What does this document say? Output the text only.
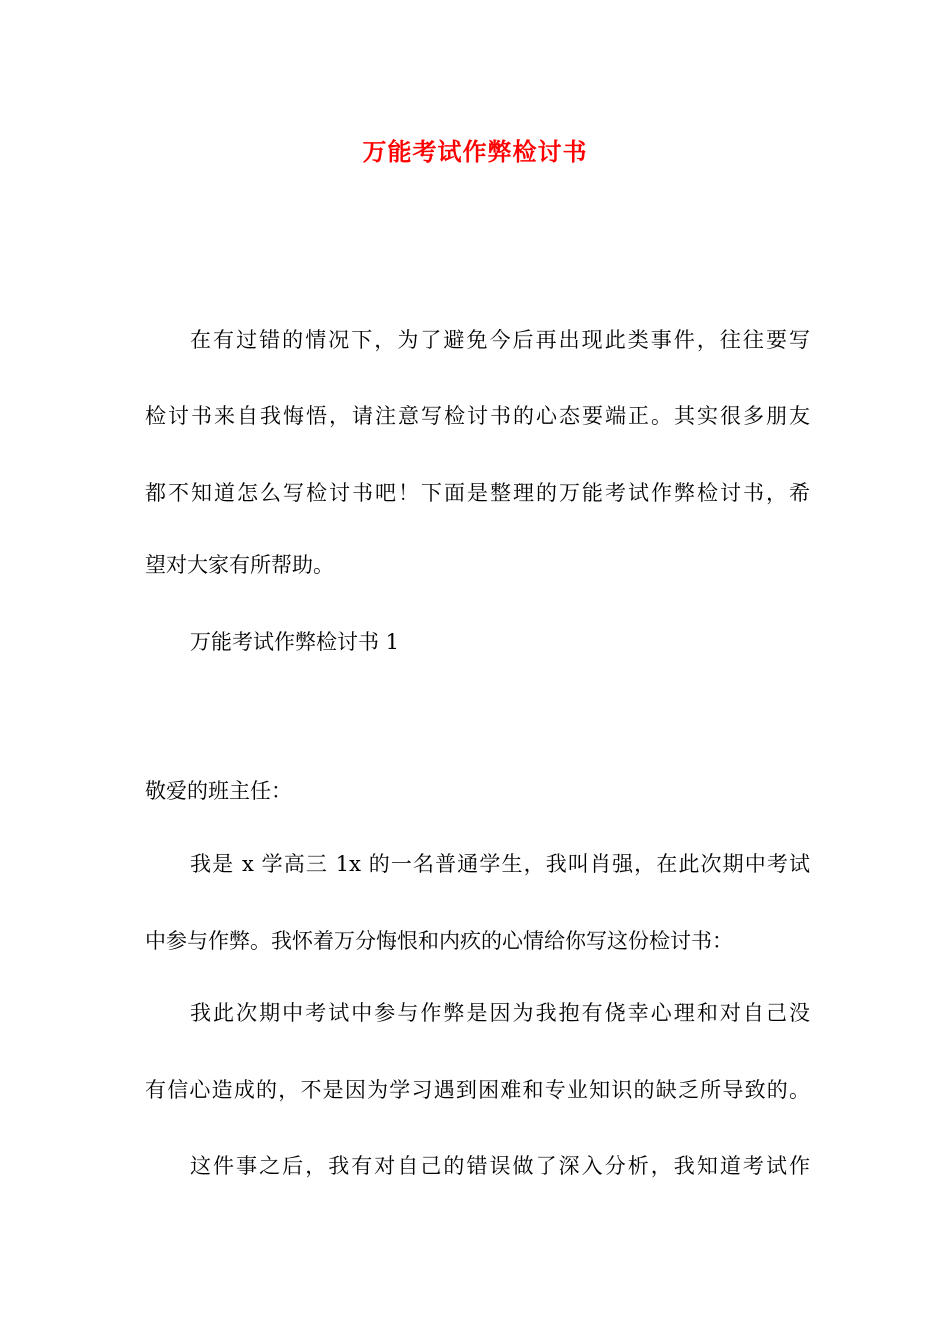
万能考试作弊检讨书
在有过错的情况下，为了避免今后再出现此类事件，往往要写
检讨书来自我悔悟，请注意写检讨书的心态要端正。其实很多朋友
都不知道怎么写检讨书吧！下面是整理的万能考试作弊检讨书，希
望对大家有所帮助。
万能考试作弊检讨书 1
敬爱的班主任：
我是 x 学高三 1x 的一名普通学生，我叫肖强，在此次期中考试
中参与作弊。我怀着万分悔恨和内疚的心情给你写这份检讨书：
我此次期中考试中参与作弊是因为我抱有侥幸心理和对自己没
有信心造成的，不是因为学习遇到困难和专业知识的缺乏所导致的。
这件事之后，我有对自己的错误做了深入分析，我知道考试作
